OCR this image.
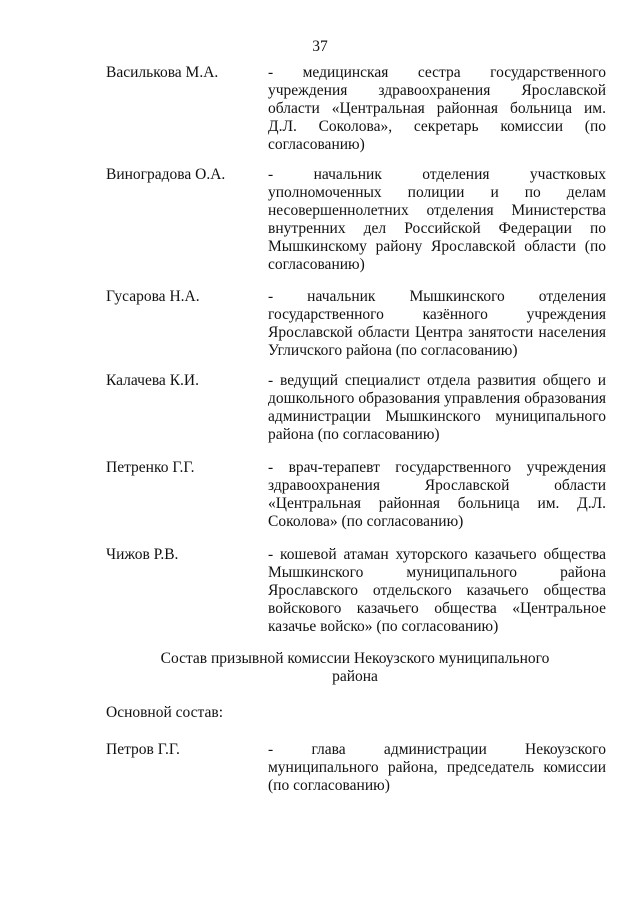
37
Василькова М.А.	- медицинская сестра государственного учреждения здравоохранения Ярославской области «Центральная районная больница им. Д.Л. Соколова», секретарь комиссии (по согласованию)
Виноградова О.А.	- начальник отделения участковых уполномоченных полиции и по делам несовершеннолетних отделения Министерства внутренних дел Российской Федерации по Мышкинскому району Ярославской области (по согласованию)
Гусарова Н.А.	- начальник Мышкинского отделения государственного казённого учреждения Ярославской области Центра занятости населения Угличского района (по согласованию)
Калачева К.И.	- ведущий специалист отдела развития общего и дошкольного образования управления образования администрации Мышкинского муниципального района (по согласованию)
Петренко Г.Г.	- врач-терапевт государственного учреждения здравоохранения Ярославской области «Центральная районная больница им. Д.Л. Соколова» (по согласованию)
Чижов Р.В.	- кошевой атаман хуторского казачьего общества Мышкинского муниципального района Ярославского отдельского казачьего общества войскового казачьего общества «Центральное казачье войско» (по согласованию)
Состав призывной комиссии Некоузского муниципального района
Основной состав:
Петров Г.Г.	- глава администрации Некоузского муниципального района, председатель комиссии (по согласованию)
